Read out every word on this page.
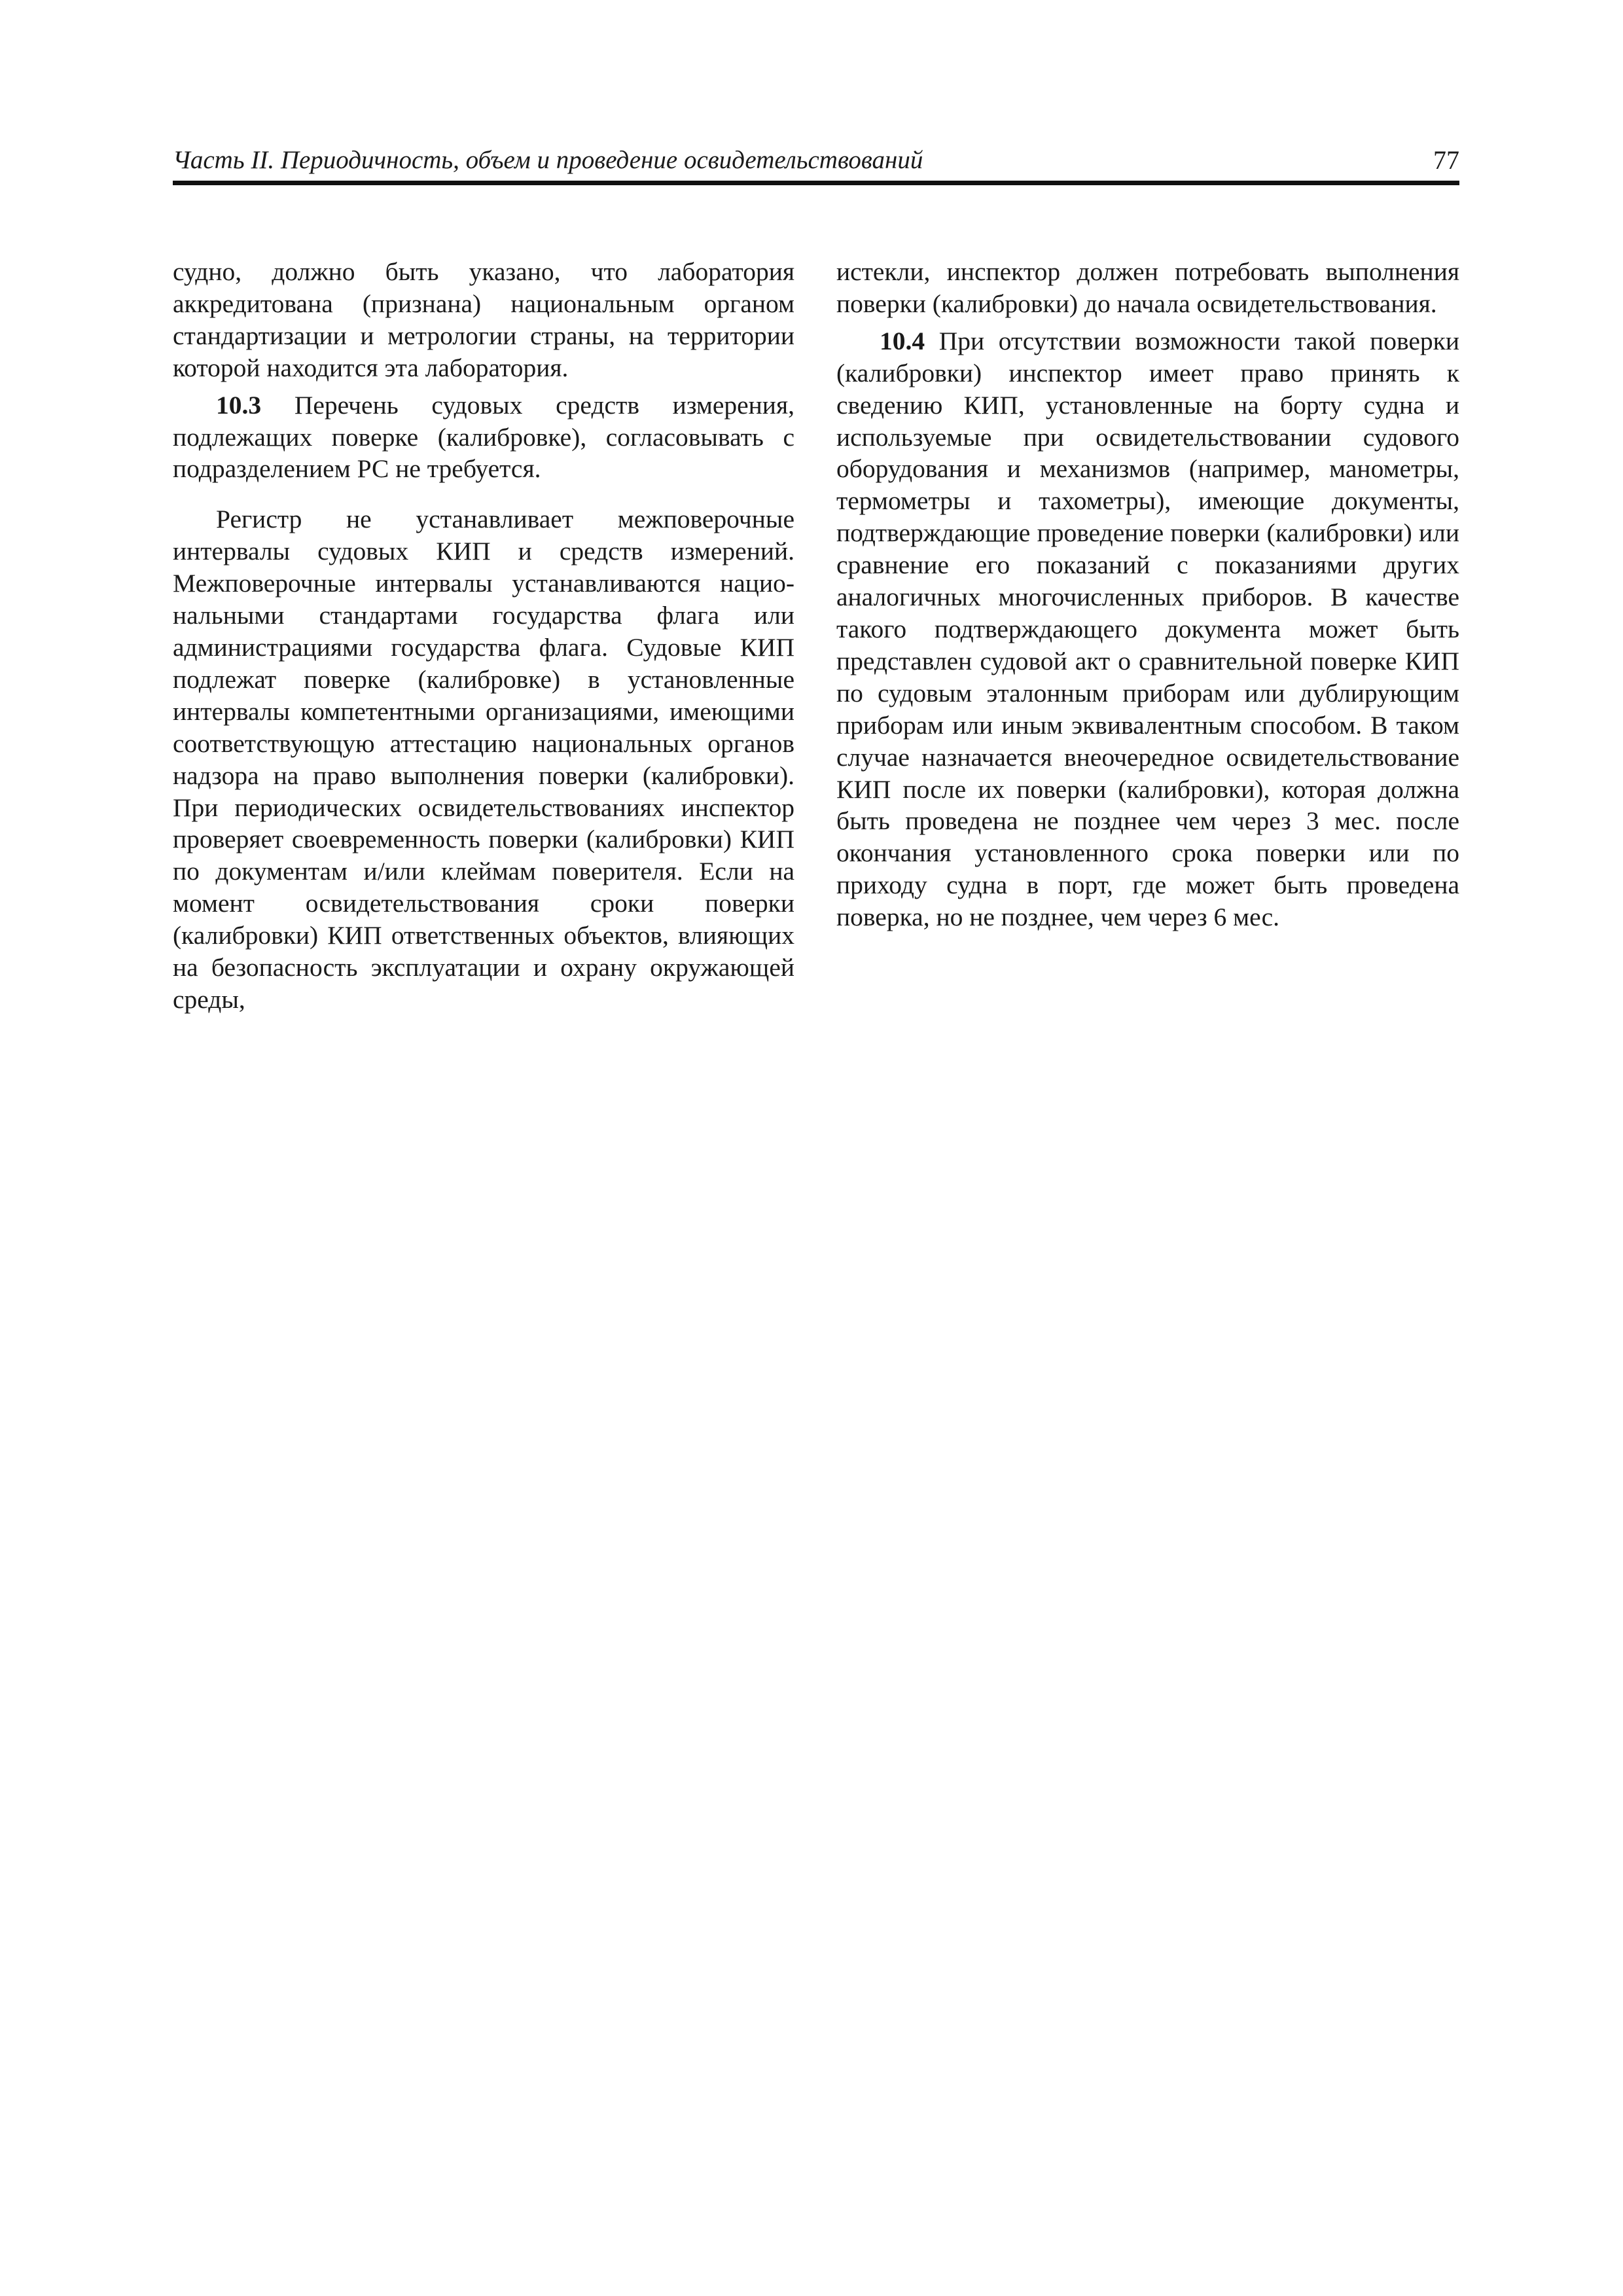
Часть II. Периодичность, объем и проведение освидетельствований	77

судно, должно быть указано, что лаборатория аккредитована (признана) национальным органом стандартизации и метрологии страны, на территории которой находится эта лаборатория.

10.3 Перечень судовых средств измерения, подлежащих поверке (калибровке), согласовывать с подразделением РС не требуется.

Регистр не устанавливает межповерочные интервалы судовых КИП и средств измерений. Межповерочные интервалы устанавливаются национальными стандартами государства флага или администрациями государства флага. Судовые КИП подлежат поверке (калибровке) в установленные интервалы компетентными организациями, имеющими соответствующую аттестацию национальных органов надзора на право выполнения поверки (калибровки). При периодических освидетельствованиях инспектор проверяет своевременность поверки (калибровки) КИП по документам и/или клеймам поверителя. Если на момент освидетельствования сроки поверки (калибровки) КИП ответственных объектов, влияющих на безопасность эксплуатации и охрану окружающей среды,

истекли, инспектор должен потребовать выполнения поверки (калибровки) до начала освидетельствования.

10.4 При отсутствии возможности такой поверки (калибровки) инспектор имеет право принять к сведению КИП, установленные на борту судна и используемые при освидетельствовании судового оборудования и механизмов (например, манометры, термометры и тахометры), имеющие документы, подтверждающие проведение поверки (калибровки) или сравнение его показаний с показаниями других аналогичных многочисленных приборов. В качестве такого подтверждающего документа может быть представлен судовой акт о сравнительной поверке КИП по судовым эталонным приборам или дублирующим приборам или иным эквивалентным способом. В таком случае назначается внеочередное освидетельствование КИП после их поверки (калибровки), которая должна быть проведена не позднее чем через 3 мес. после окончания установленного срока поверки или по приходу судна в порт, где может быть проведена поверка, но не позднее, чем через 6 мес.
